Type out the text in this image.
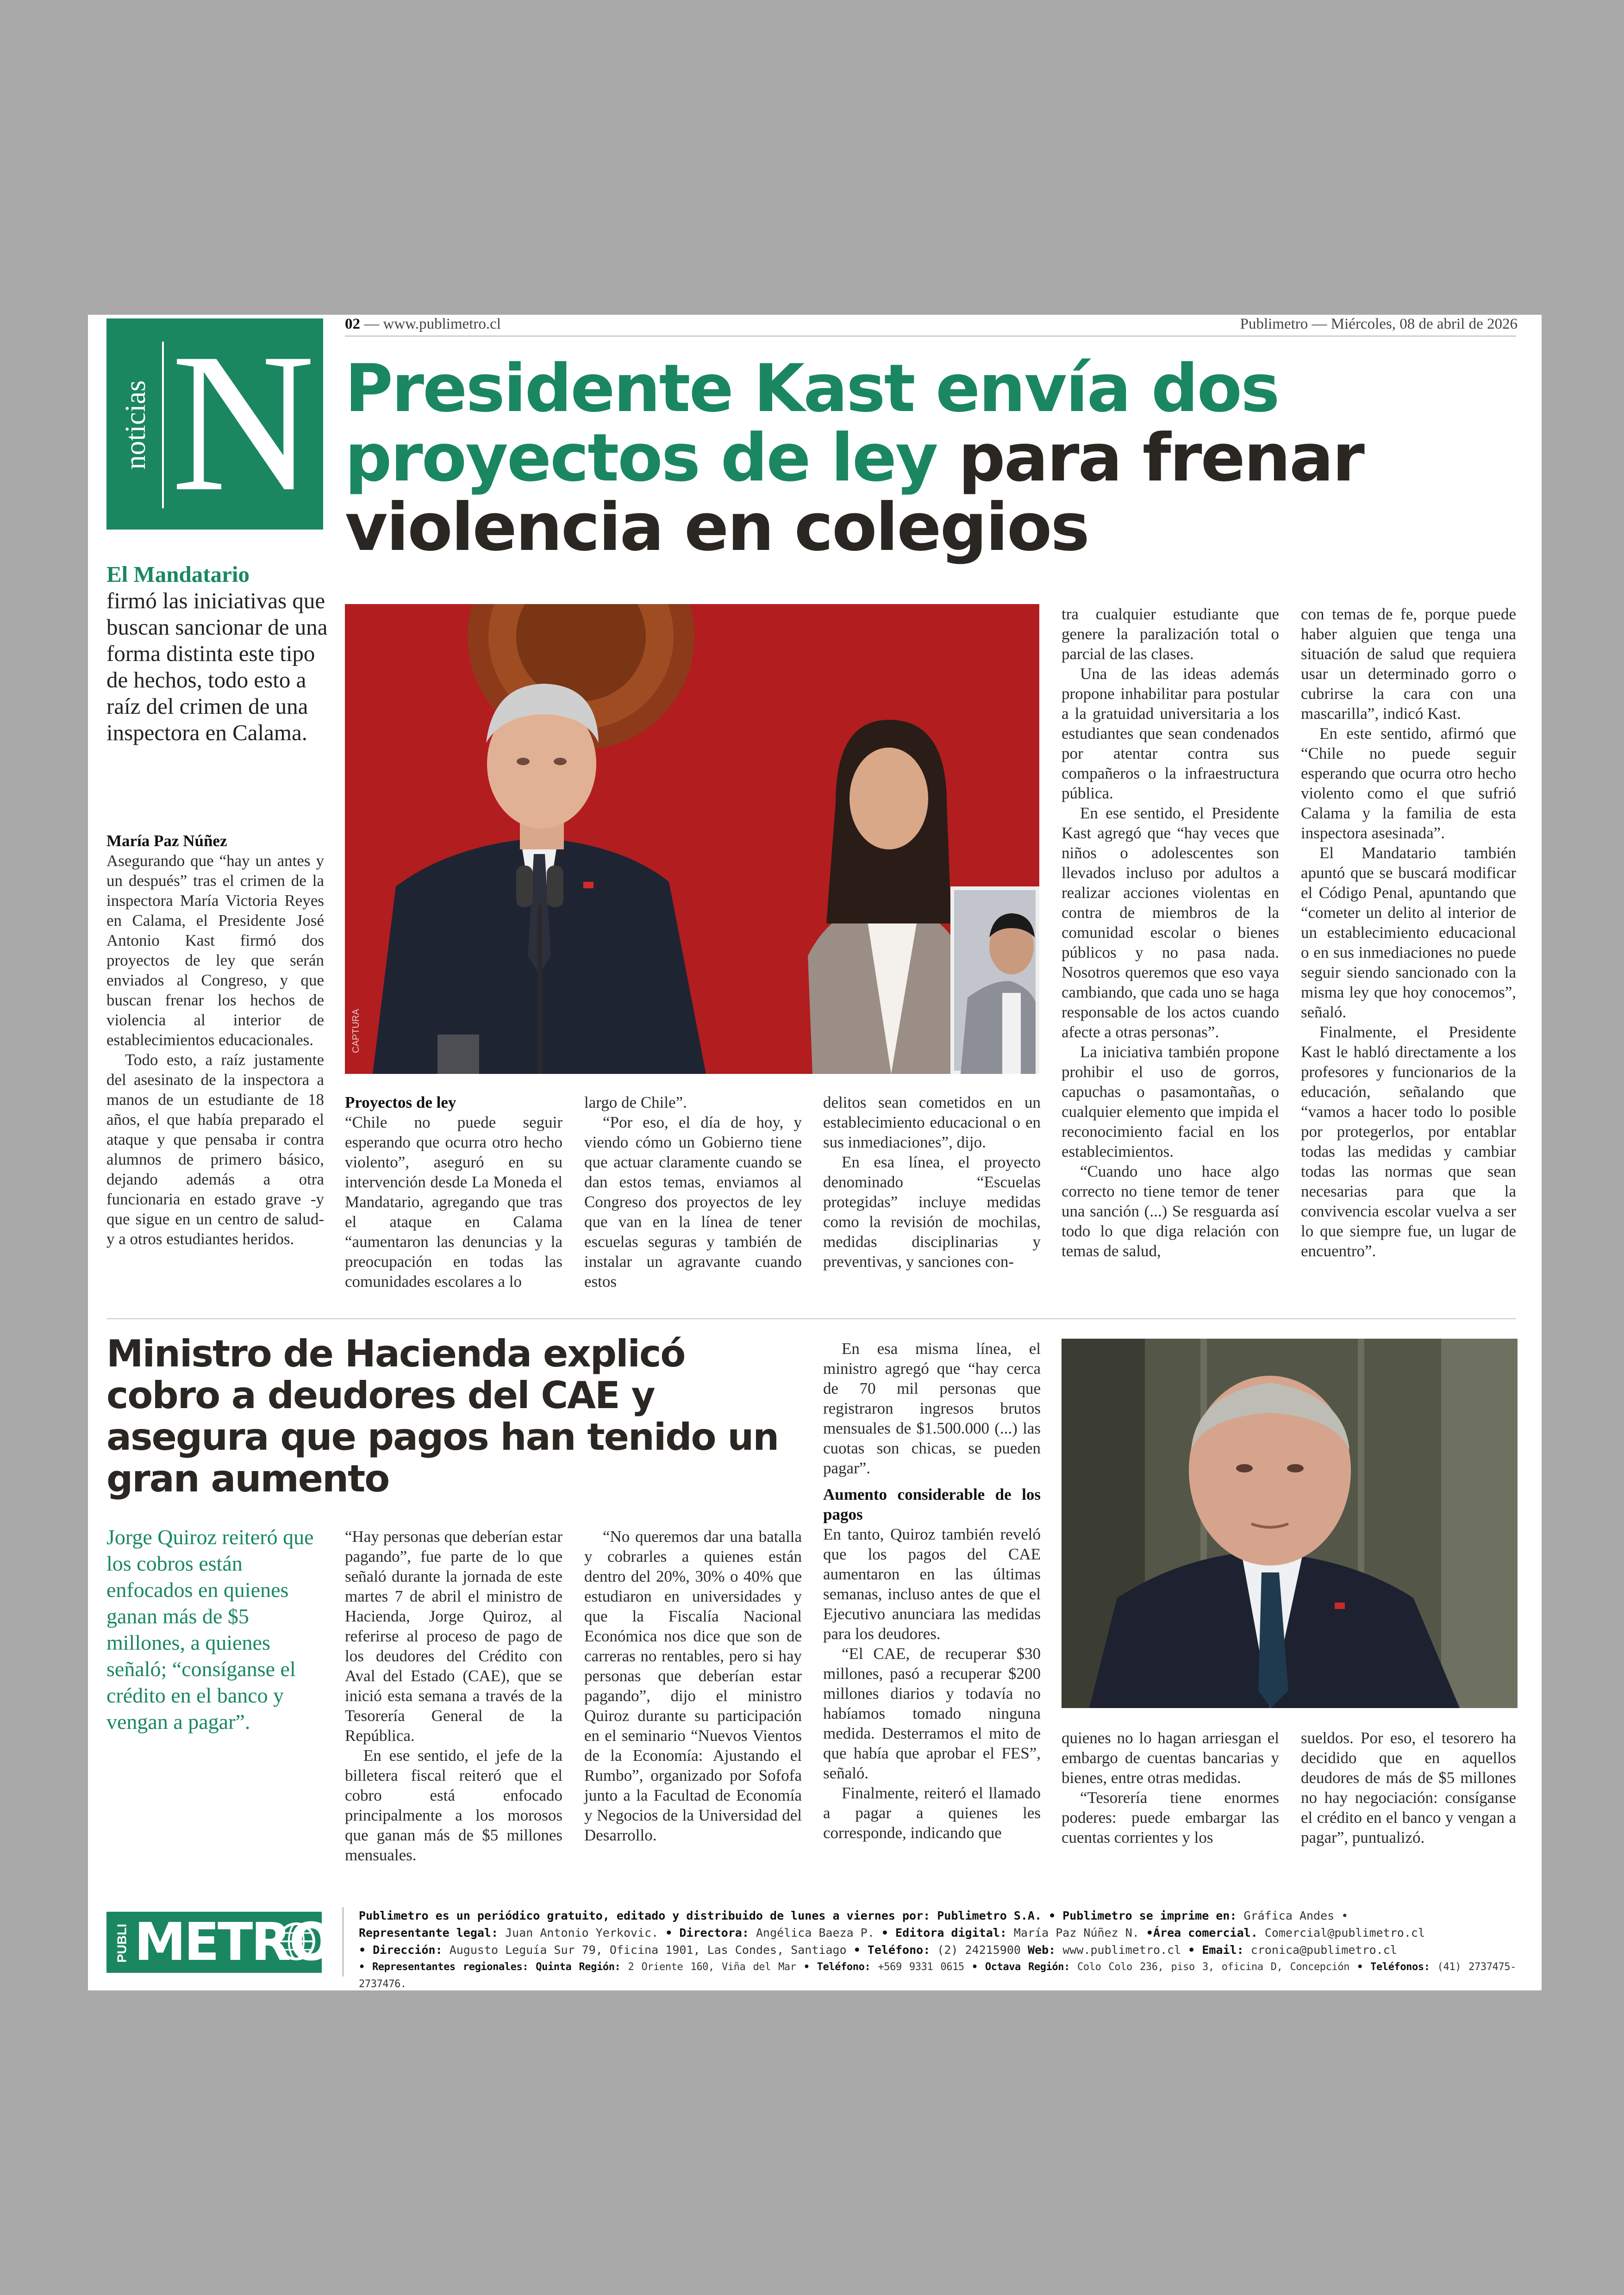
02 — www.publimetro.cl	Publimetro — Miércoles, 08 de abril de 2026
noticias N Presidente Kast envía dos proyectos de ley para frenar violencia en colegios
El Mandatario
firmó las iniciativas que buscan sancionar de una forma distinta este tipo de hechos, todo esto a raíz del crimen de una inspectora en Calama.
CAPTURA

María Paz Núñez

Asegurando que “hay un antes y un después” tras el crimen de la inspectora María Victoria Reyes en Calama, el Presidente José Antonio Kast firmó dos proyectos de ley que serán enviados al Congreso, y que buscan frenar los hechos de violencia al interior de establecimientos educacionales.

Todo esto, a raíz justamente del asesinato de la inspectora a manos de un estudiante de 18 años, el que había preparado el ataque y que pensaba ir contra alumnos de primero básico, dejando además a otra funcionaria en estado grave -y que sigue en un centro de salud- y a otros estudiantes heridos.

Proyectos de ley

“Chile no puede seguir esperando que ocurra otro hecho violento”, aseguró en su intervención desde La Moneda el Mandatario, agregando que tras el ataque en Calama “aumentaron las denuncias y la preocupación en todas las comunidades escolares a lo

largo de Chile”.

“Por eso, el día de hoy, y viendo cómo un Gobierno tiene que actuar claramente cuando se dan estos temas, enviamos al Congreso dos proyectos de ley que van en la línea de tener escuelas seguras y también de instalar un agravante cuando estos

delitos sean cometidos en un establecimiento educacional o en sus inmediaciones”, dijo.

En esa línea, el proyecto denominado “Escuelas protegidas” incluye medidas como la revisión de mochilas, medidas disciplinarias y preventivas, y sanciones con-

tra cualquier estudiante que genere la paralización total o parcial de las clases.

Una de las ideas además propone inhabilitar para postular a la gratuidad universitaria a los estudiantes que sean condenados por atentar contra sus compañeros o la infraestructura pública.

En ese sentido, el Presidente Kast agregó que “hay veces que niños o adolescentes son llevados incluso por adultos a realizar acciones violentas en contra de miembros de la comunidad escolar o bienes públicos y no pasa nada. Nosotros queremos que eso vaya cambiando, que cada uno se haga responsable de los actos cuando afecte a otras personas”.

La iniciativa también propone prohibir el uso de gorros, capuchas o pasamontañas, o cualquier elemento que impida el reconocimiento facial en los establecimientos.

“Cuando uno hace algo correcto no tiene temor de tener una sanción (...) Se resguarda así todo lo que diga relación con temas de salud,

con temas de fe, porque puede haber alguien que tenga una situación de salud que requiera usar un determinado gorro o cubrirse la cara con una mascarilla”, indicó Kast.

En este sentido, afirmó que “Chile no puede seguir esperando que ocurra otro hecho violento como el que sufrió Calama y la familia de esta inspectora asesinada”.

El Mandatario también apuntó que se buscará modificar el Código Penal, apuntando que “cometer un delito al interior de un establecimiento educacional o en sus inmediaciones no puede seguir siendo sancionado con la misma ley que hoy conocemos”, señaló.

Finalmente, el Presidente Kast le habló directamente a los profesores y funcionarios de la educación, señalando que “vamos a hacer todo lo posible por protegerlos, por entablar todas las medidas y cambiar todas las normas que sean necesarias para que la convivencia escolar vuelva a ser lo que siempre fue, un lugar de encuentro”.

Ministro de Hacienda explicó cobro a deudores del CAE y asegura que pagos han tenido un gran aumento
Jorge Quiroz reiteró que los cobros están enfocados en quienes ganan más de $5 millones, a quienes señaló; “consíganse el crédito en el banco y vengan a pagar”.

“Hay personas que deberían estar pagando”, fue parte de lo que señaló durante la jornada de este martes 7 de abril el ministro de Hacienda, Jorge Quiroz, al referirse al proceso de pago de los deudores del Crédito con Aval del Estado (CAE), que se inició esta semana a través de la Tesorería General de la República.

En ese sentido, el jefe de la billetera fiscal reiteró que el cobro está enfocado principalmente a los morosos que ganan más de $5 millones mensuales.

“No queremos dar una batalla y cobrarles a quienes están dentro del 20%, 30% o 40% que estudiaron en universidades y que la Fiscalía Nacional Económica nos dice que son de carreras no rentables, pero si hay personas que deberían estar pagando”, dijo el ministro Quiroz durante su participación en el seminario “Nuevos Vientos de la Economía: Ajustando el Rumbo”, organizado por Sofofa junto a la Facultad de Economía y Negocios de la Universidad del Desarrollo.

En esa misma línea, el ministro agregó que “hay cerca de 70 mil personas que registraron ingresos brutos mensuales de $1.500.000 (...) las cuotas son chicas, se pueden pagar”.

Aumento considerable de los pagos

En tanto, Quiroz también reveló que los pagos del CAE aumentaron en las últimas semanas, incluso antes de que el Ejecutivo anunciara las medidas para los deudores.

“El CAE, de recuperar $30 millones, pasó a recuperar $200 millones diarios y todavía no habíamos tomado ninguna medida. Desterramos el mito de que había que aprobar el FES”, señaló.

Finalmente, reiteró el llamado a pagar a quienes les corresponde, indicando que

quienes no lo hagan arriesgan el embargo de cuentas bancarias y bienes, entre otras medidas.

“Tesorería tiene enormes poderes: puede embargar las cuentas corrientes y los

sueldos. Por eso, el tesorero ha decidido que en aquellos deudores de más de $5 millones no hay negociación: consíganse el crédito en el banco y vengan a pagar”, puntualizó.

PUBLI METRO Publimetro es un periódico gratuito, editado y distribuido de lunes a viernes por: Publimetro S.A. • Publimetro se imprime en: Gráfica Andes •
Representante legal: Juan Antonio Yerkovic. • Directora: Angélica Baeza P. • Editora digital: María Paz Núñez N. •Área comercial. Comercial@publimetro.cl
• Dirección: Augusto Leguía Sur 79, Oficina 1901, Las Condes, Santiago • Teléfono: (2) 24215900 Web: www.publimetro.cl • Email: cronica@publimetro.cl
• Representantes regionales: Quinta Región: 2 Oriente 160, Viña del Mar • Teléfono: +569 9331 0615 • Octava Región: Colo Colo 236, piso 3, oficina D, Concepción • Teléfonos: (41) 2737475-2737476.
